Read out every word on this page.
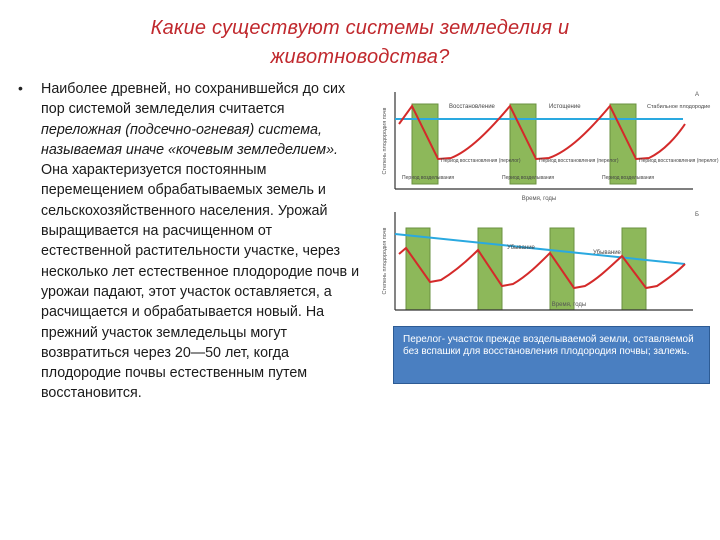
Какие существуют системы земледелия и
животноводства?
• Наиболее древней, но сохранившейся до сих пор системой земледелия считается переложная (подсечно-огневая) система, называемая иначе «кочевым земледелием». Она характеризуется постоянным перемещением обрабатываемых земель и сельскохозяйственного населения. Урожай выращивается на расчищенном от естественной растительности участке, через несколько лет естественное плодородие почв и урожаи падают, этот участок оставляется, а расчищается и обрабатывается новый. На прежний участок земледельцы могут возвратиться через 20—50 лет, когда плодородие почвы естественным путем восстановится.
Степень плодородия почв
Время, годы
A
Восстановление	Истощение	Стабильное плодородие
Период восстановления (перелог)	Период восстановления (перелог)	Период восстановления (перелог)
Период возделывания	Период возделывания	Период возделывания
Степень плодородия почв
Время, годы
Б
Убывание
Убывание
Перелог- участок прежде возделываемой земли, оставляемой без вспашки для восстановления плодородия почвы; залежь.
